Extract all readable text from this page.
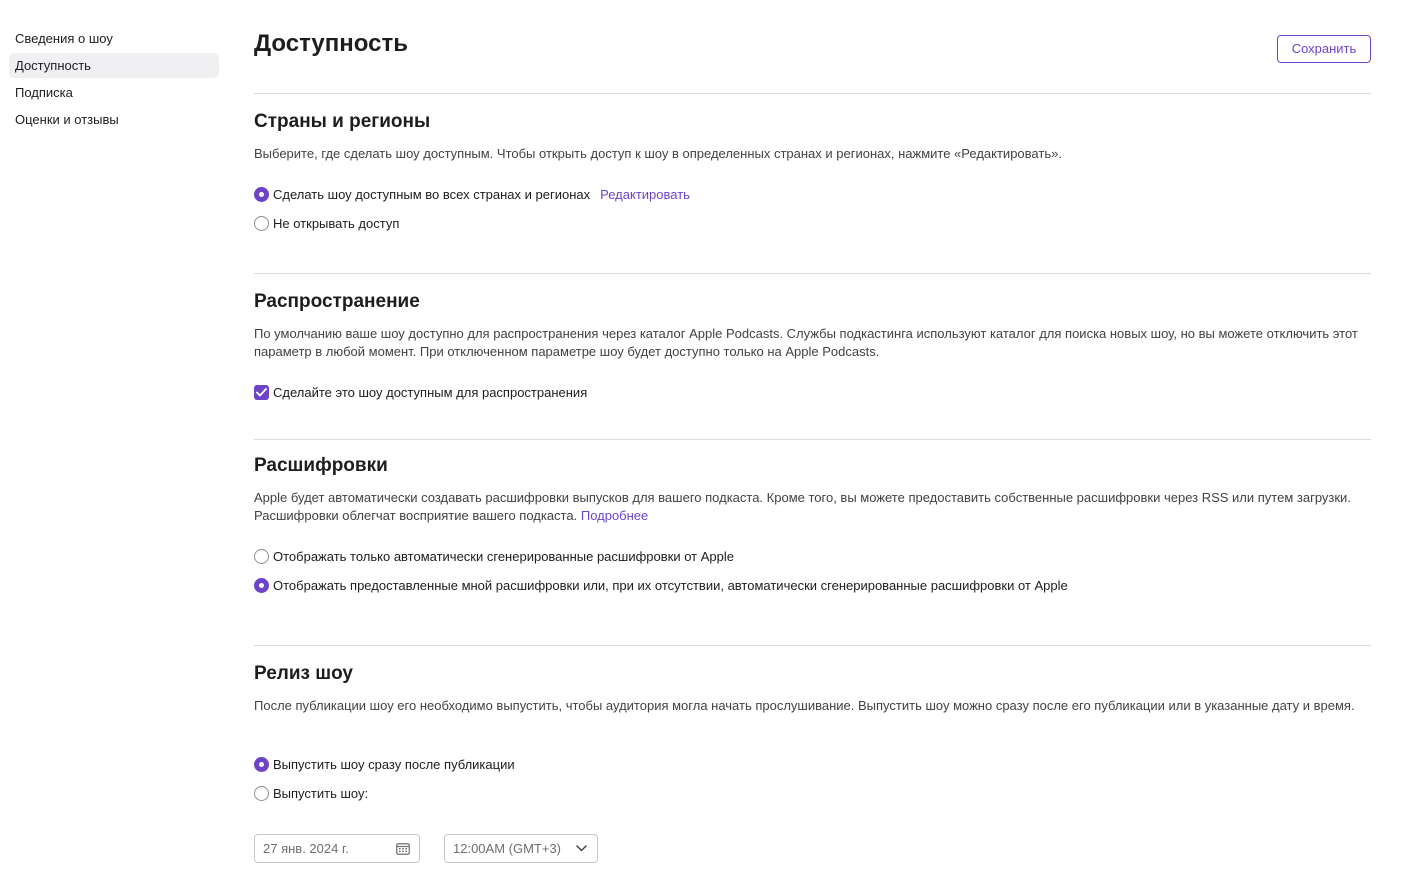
Сведения о шоу
Доступность
Подписка
Оценки и отзывы
Доступность	Сохранить
Страны и регионы

Выберите, где сделать шоу доступным. Чтобы открыть доступ к шоу в определенных странах и регионах, нажмите «Редактировать».

Сделать шоу доступным во всех странах и регионах Редактировать
Не открывать доступ
Распространение

По умолчанию ваше шоу доступно для распространения через каталог Apple Podcasts. Службы подкастинга используют каталог для поиска новых шоу, но вы можете отключить этот параметр в любой момент. При отключенном параметре шоу будет доступно только на Apple Podcasts.

Сделайте это шоу доступным для распространения
Расшифровки

Apple будет автоматически создавать расшифровки выпусков для вашего подкаста. Кроме того, вы можете предоставить собственные расшифровки через RSS или путем загрузки. Расшифровки облегчат восприятие вашего подкаста. Подробнее

Отображать только автоматически сгенерированные расшифровки от Apple
Отображать предоставленные мной расшифровки или, при их отсутствии, автоматически сгенерированные расшифровки от Apple
Релиз шоу

После публикации шоу его необходимо выпустить, чтобы аудитория могла начать прослушивание. Выпустить шоу можно сразу после его публикации или в указанные дату и время.

Выпустить шоу сразу после публикации
Выпустить шоу:
27 янв. 2024 г.	12:00AM (GMT+3)
